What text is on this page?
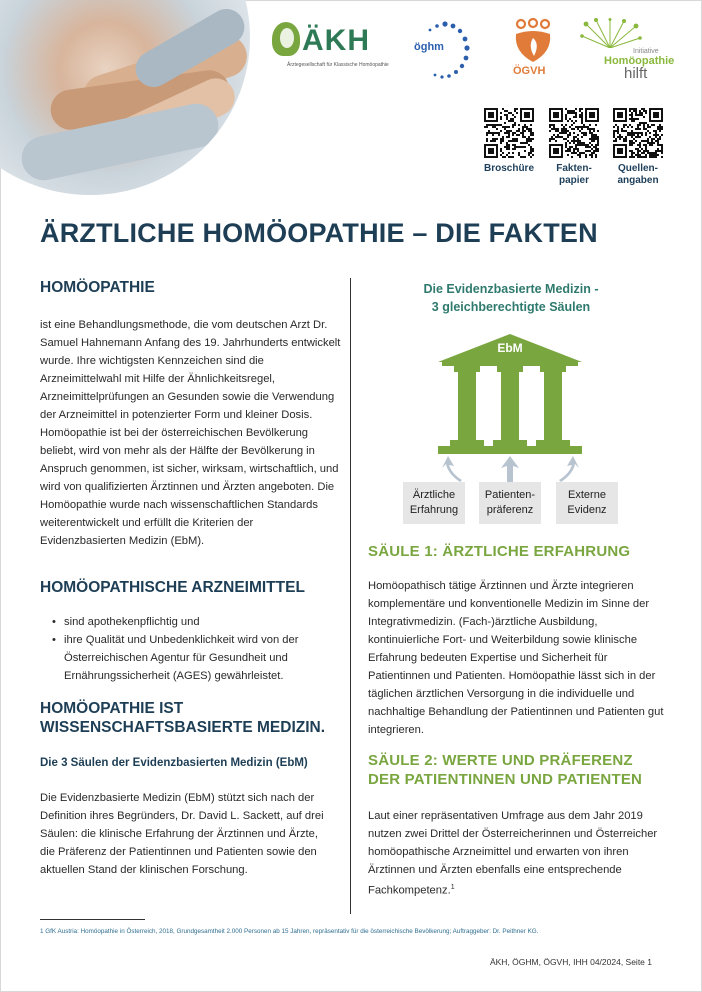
ÄKH
Ärztegesellschaft für Klassische Homöopathie
öghm
ÖGVH
Initiative
Homöopathie
hilft
Broschüre	Fakten-
papier
Quellen-
angaben
ÄRZTLICHE HOMÖOPATHIE – DIE FAKTEN
HOMÖOPATHIE

ist eine Behandlungsmethode, die vom deutschen Arzt Dr. Samuel Hahnemann Anfang des 19. Jahrhunderts entwickelt wurde. Ihre wichtigsten Kennzeichen sind die Arzneimittelwahl mit Hilfe der Ähnlichkeitsregel, Arzneimittelprüfungen an Gesunden sowie die Verwendung der Arzneimittel in potenzierter Form und kleiner Dosis. Homöopathie ist bei der österreichischen Bevölkerung beliebt, wird von mehr als der Hälfte der Bevölkerung in Anspruch genommen, ist sicher, wirksam, wirtschaftlich, und wird von qualifizierten Ärztinnen und Ärzten angeboten. Die Homöopathie wurde nach wissenschaftlichen Standards weiterentwickelt und erfüllt die Kriterien der Evidenzbasierten Medizin (EbM).

HOMÖOPATHISCHE ARZNEIMITTEL
• sind apothekenpflichtig und
• ihre Qualität und Unbedenklichkeit wird von der Österreichischen Agentur für Gesundheit und Ernährungssicherheit (AGES) gewährleistet.
HOMÖOPATHIE IST
WISSENSCHAFTSBASIERTE MEDIZIN.
Die 3 Säulen der Evidenzbasierten Medizin (EbM)

Die Evidenzbasierte Medizin (EbM) stützt sich nach der Definition ihres Begründers, Dr. David L. Sackett, auf drei Säulen: die klinische Erfahrung der Ärztinnen und Ärzte, die Präferenz der Patientinnen und Patienten sowie den aktuellen Stand der klinischen Forschung.

Die Evidenzbasierte Medizin -
3 gleichberechtigte Säulen
EbM
Ärztliche
Erfahrung
Patienten-
präferenz
Externe
Evidenz
SÄULE 1: ÄRZTLICHE ERFAHRUNG

Homöopathisch tätige Ärztinnen und Ärzte integrieren komplementäre und konventionelle Medizin im Sinne der Integrativmedizin. (Fach-)ärztliche Ausbildung, kontinuierliche Fort- und Weiterbildung sowie klinische Erfahrung bedeuten Expertise und Sicherheit für Patientinnen und Patienten. Homöopathie lässt sich in der täglichen ärztlichen Versorgung in die individuelle und nachhaltige Behandlung der Patientinnen und Patienten gut integrieren.

SÄULE 2: WERTE UND PRÄFERENZ
DER PATIENTINNEN UND PATIENTEN

Laut einer repräsentativen Umfrage aus dem Jahr 2019 nutzen zwei Drittel der Österreicherinnen und Österreicher homöopathische Arzneimittel und erwarten von ihren Ärztinnen und Ärzten ebenfalls eine entsprechende Fachkompetenz.$^1$

1 GfK Austria: Homöopathie in Österreich, 2018, Grundgesamtheit 2.000 Personen ab 15 Jahren, repräsentativ für die österreichische Bevölkerung; Auftraggeber: Dr. Peithner KG.
ÄKH, ÖGHM, ÖGVH, IHH 04/2024, Seite 1
